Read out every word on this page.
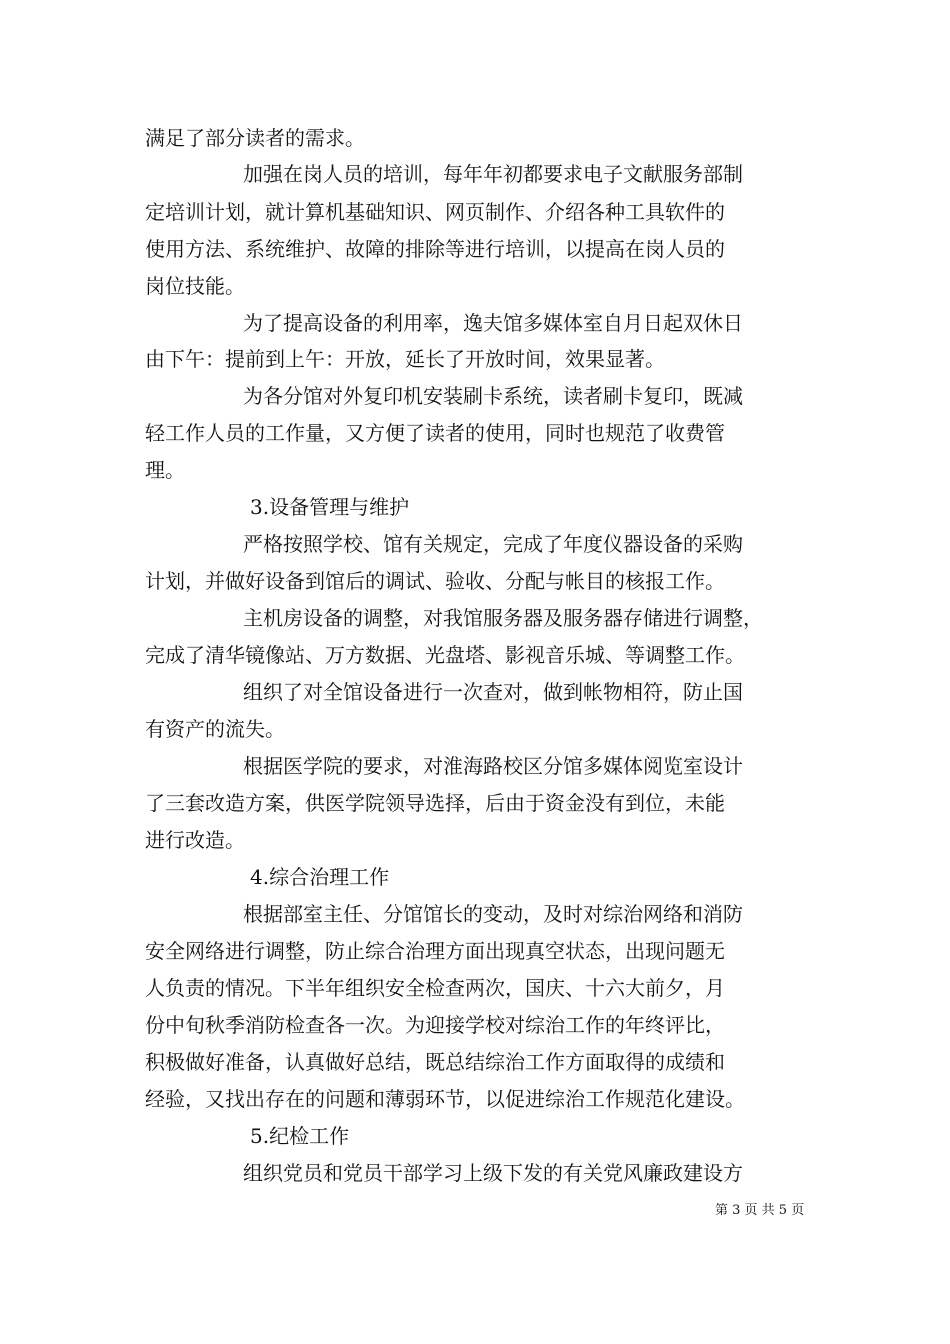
满足了部分读者的需求。
加强在岗人员的培训，每年年初都要求电子文献服务部制
定培训计划，就计算机基础知识、网页制作、介绍各种工具软件的
使用方法、系统维护、故障的排除等进行培训，以提高在岗人员的
岗位技能。
为了提高设备的利用率，逸夫馆多媒体室自月日起双休日
由下午：提前到上午：开放，延长了开放时间，效果显著。
为各分馆对外复印机安装刷卡系统，读者刷卡复印，既减
轻工作人员的工作量，又方便了读者的使用，同时也规范了收费管
理。
3.设备管理与维护
严格按照学校、馆有关规定，完成了年度仪器设备的采购
计划，并做好设备到馆后的调试、验收、分配与帐目的核报工作。
主机房设备的调整，对我馆服务器及服务器存储进行调整，
完成了清华镜像站、万方数据、光盘塔、影视音乐城、等调整工作。
组织了对全馆设备进行一次查对，做到帐物相符，防止国
有资产的流失。
根据医学院的要求，对淮海路校区分馆多媒体阅览室设计
了三套改造方案，供医学院领导选择，后由于资金没有到位，未能
进行改造。
4.综合治理工作
根据部室主任、分馆馆长的变动，及时对综治网络和消防
安全网络进行调整，防止综合治理方面出现真空状态，出现问题无
人负责的情况。下半年组织安全检查两次，国庆、十六大前夕，月
份中旬秋季消防检查各一次。为迎接学校对综治工作的年终评比，
积极做好准备，认真做好总结，既总结综治工作方面取得的成绩和
经验，又找出存在的问题和薄弱环节，以促进综治工作规范化建设。
5.纪检工作
组织党员和党员干部学习上级下发的有关党风廉政建设方
第 3 页 共 5 页
